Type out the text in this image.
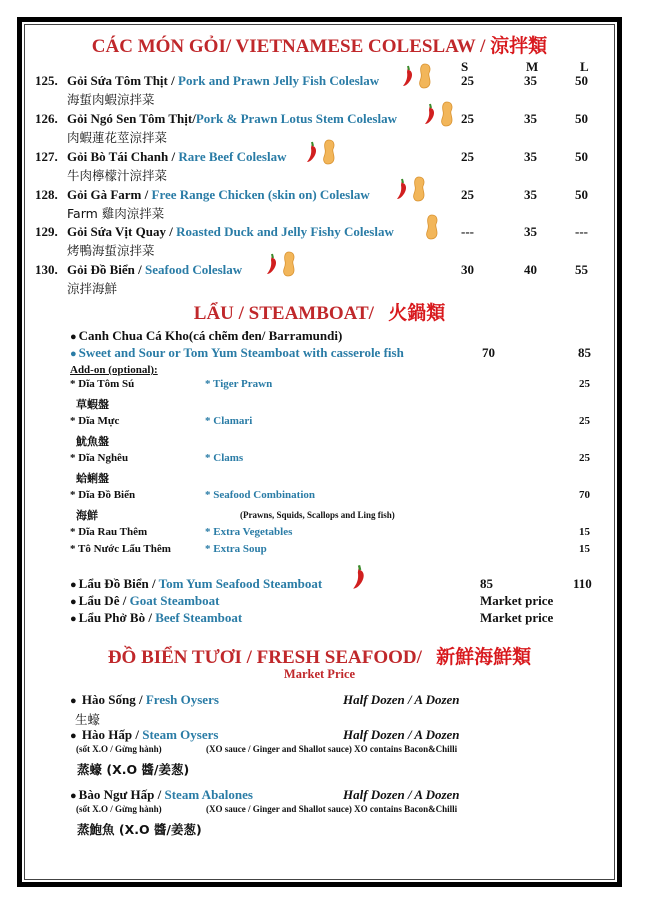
CÁC MÓN GỎI/ VIETNAMESE COLESLAW / 涼拌類
S	M	L
125. Gỏi Sứa Tôm Thịt / Pork and Prawn Jelly Fish Coleslaw
	25	35	50
海蜇肉蝦涼拌菜
126. Gỏi Ngó Sen Tôm Thịt/Pork & Prawn Lotus Stem Coleslaw
	25	35	50
肉蝦蓮花莖涼拌菜
127. Gỏi Bò Tái Chanh / Rare Beef Coleslaw
	25	35	50
牛肉檸檬汁涼拌菜
128. Gỏi Gà Farm / Free Range Chicken (skin on) Coleslaw
	25	35	50
Farm 雞肉涼拌菜
129. Gỏi Sứa Vịt Quay / Roasted Duck and Jelly Fishy Coleslaw	---	35	---
烤鴨海蜇涼拌菜
130. Gỏi Đồ Biển / Seafood Coleslaw
	30	40	55
涼拌海鮮
LẨU / STEAMBOAT/   火鍋類
● Canh Chua Cá Kho(cá chẽm đen/ Barramundi)
● Sweet and Sour or Tom Yum Steamboat with casserole fish	70	85
Add-on (optional):
* Dĩa Tôm Sú	* Tiger Prawn	25
草蝦盤
* Dĩa Mực	* Clamari	25
魷魚盤
* Dĩa Nghêu	* Clams	25
蛤蜊盤
* Dĩa Đồ Biển	* Seafood Combination	70
海鮮	(Prawns, Squids, Scallops and Ling fish)
* Dĩa Rau Thêm	* Extra Vegetables	15
* Tô Nước Lẩu Thêm	* Extra Soup	15
● Lẩu Đồ Biển / Tom Yum Seafood Steamboat	85	110
● Lẩu Dê / Goat Steamboat	Market price
● Lẩu Phở Bò / Beef Steamboat	Market price
ĐỒ BIỂN TƯƠI / FRESH SEAFOOD/   新鮮海鮮類
Market Price
● Hào Sống / Fresh Oysers	Half Dozen / A Dozen
生蠔
● Hào Hấp / Steam Oysers	Half Dozen / A Dozen
(sốt X.O / Gừng hành)	(XO sauce / Ginger and Shallot sauce) XO contains Bacon&Chilli
蒸蠔 (X.O 醬/姜葱)
● Bào Ngư Hấp / Steam Abalones	Half Dozen / A Dozen
(sốt X.O / Gừng hành)	(XO sauce / Ginger and Shallot sauce) XO contains Bacon&Chilli
蒸鮑魚 (X.O 醬/姜葱)
